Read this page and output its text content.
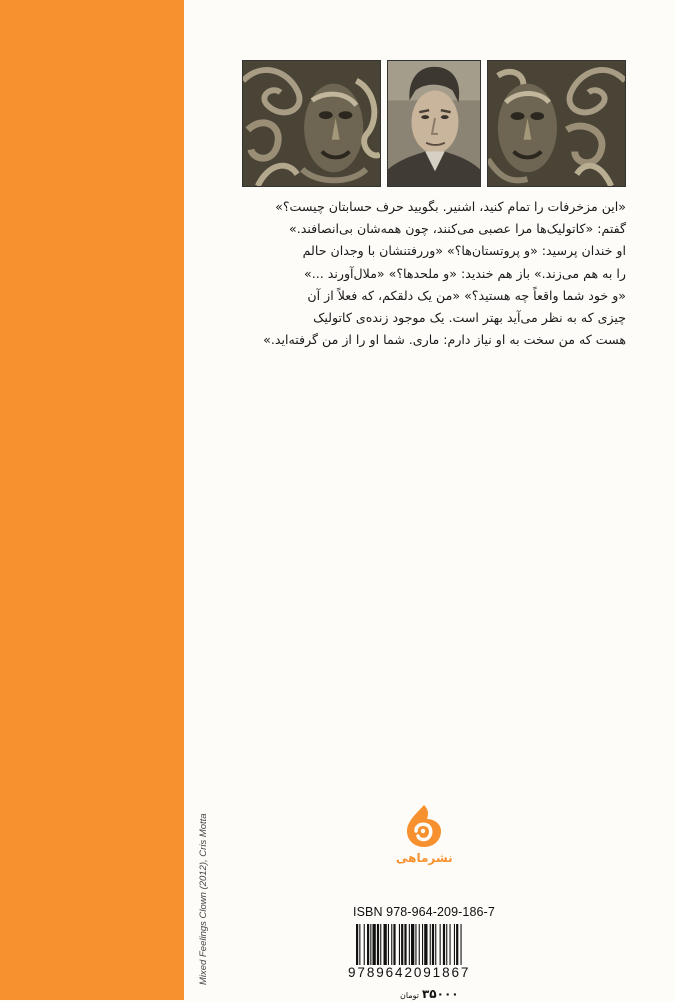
Mixed Feelings Clown (2012), Cris Motta

«این مزخرفات را تمام کنید، اشنیر. بگویید حرف حسابتان چیست؟»

گفتم: «کاتولیک‌ها مرا عصبی می‌کنند، چون همه‌شان بی‌انصافند.»

او خندان پرسید: «و پروتستان‌ها؟» «وررفتنشان با وجدان حالم

را به هم می‌زند.» باز هم خندید: «و ملحدها؟» «ملال‌آورند ...»

«و خود شما واقعاً چه هستید؟» «من یک دلقکم، که فعلاً از آن

چیزی که به نظر می‌آید بهتر است. یک موجود زنده‌ی کاتولیک

هست که من سخت به او نیاز دارم: ماری. شما او را از من گرفته‌اید.»

نشرماهی
ISBN 978-964-209-186-7
9789642091867
۳۵۰۰۰تومان
